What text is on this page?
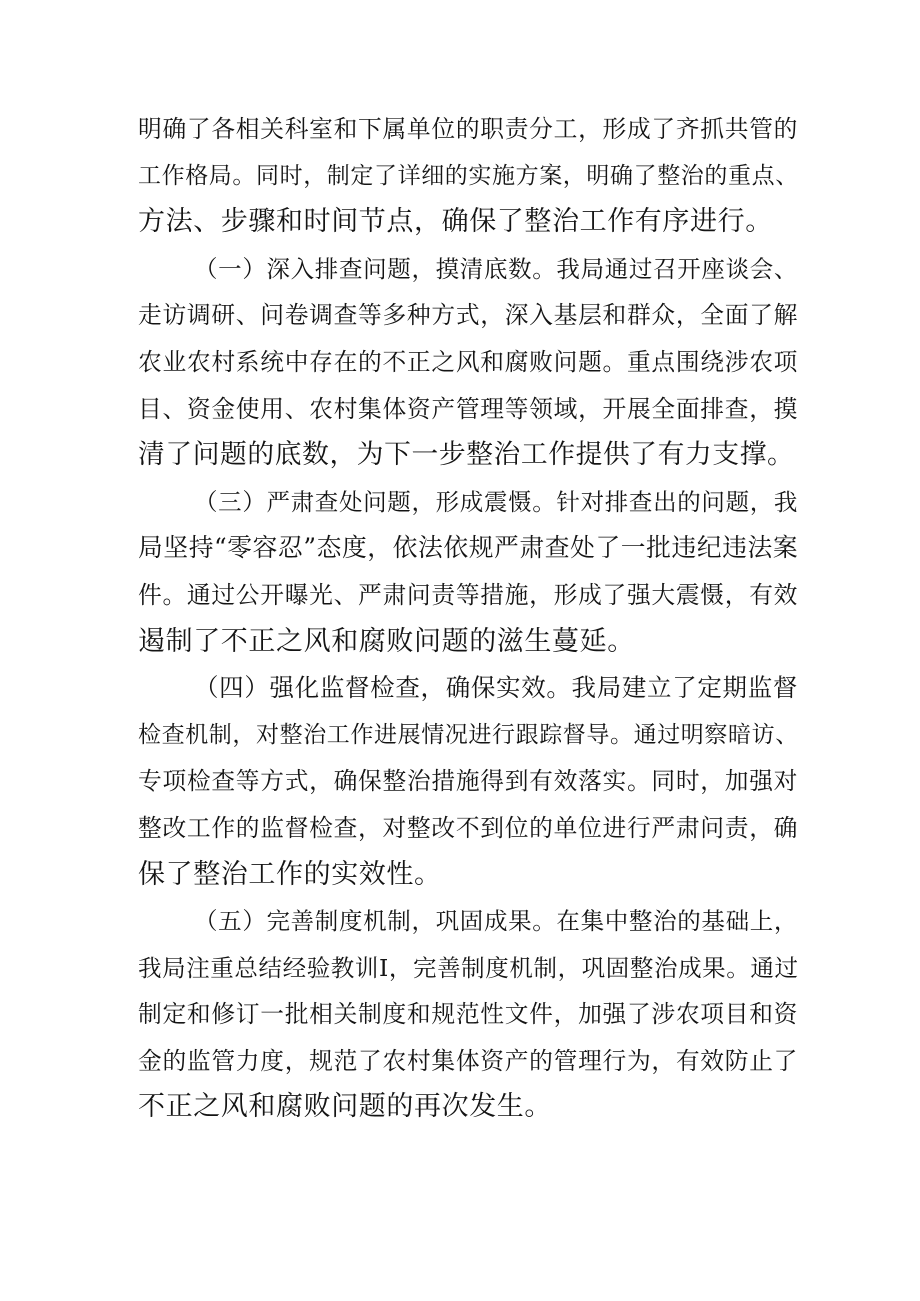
明确了各相关科室和下属单位的职责分工，形成了齐抓共管的
工作格局。同时，制定了详细的实施方案，明确了整治的重点、
方法、步骤和时间节点，确保了整治工作有序进行。

（一）深入排查问题，摸清底数。我局通过召开座谈会、
走访调研、问卷调查等多种方式，深入基层和群众，全面了解
农业农村系统中存在的不正之风和腐败问题。重点围绕涉农项
目、资金使用、农村集体资产管理等领域，开展全面排查，摸
清了问题的底数，为下一步整治工作提供了有力支撑。

（三）严肃查处问题，形成震慑。针对排查出的问题，我
局坚持“零容忍”态度，依法依规严肃查处了一批违纪违法案
件。通过公开曝光、严肃问责等措施，形成了强大震慑，有效
遏制了不正之风和腐败问题的滋生蔓延。

（四）强化监督检查，确保实效。我局建立了定期监督
检查机制，对整治工作进展情况进行跟踪督导。通过明察暗访、
专项检查等方式，确保整治措施得到有效落实。同时，加强对
整改工作的监督检查，对整改不到位的单位进行严肃问责，确
保了整治工作的实效性。

（五）完善制度机制，巩固成果。在集中整治的基础上，
我局注重总结经验教训I，完善制度机制，巩固整治成果。通过
制定和修订一批相关制度和规范性文件，加强了涉农项目和资
金的监管力度，规范了农村集体资产的管理行为，有效防止了
不正之风和腐败问题的再次发生。
